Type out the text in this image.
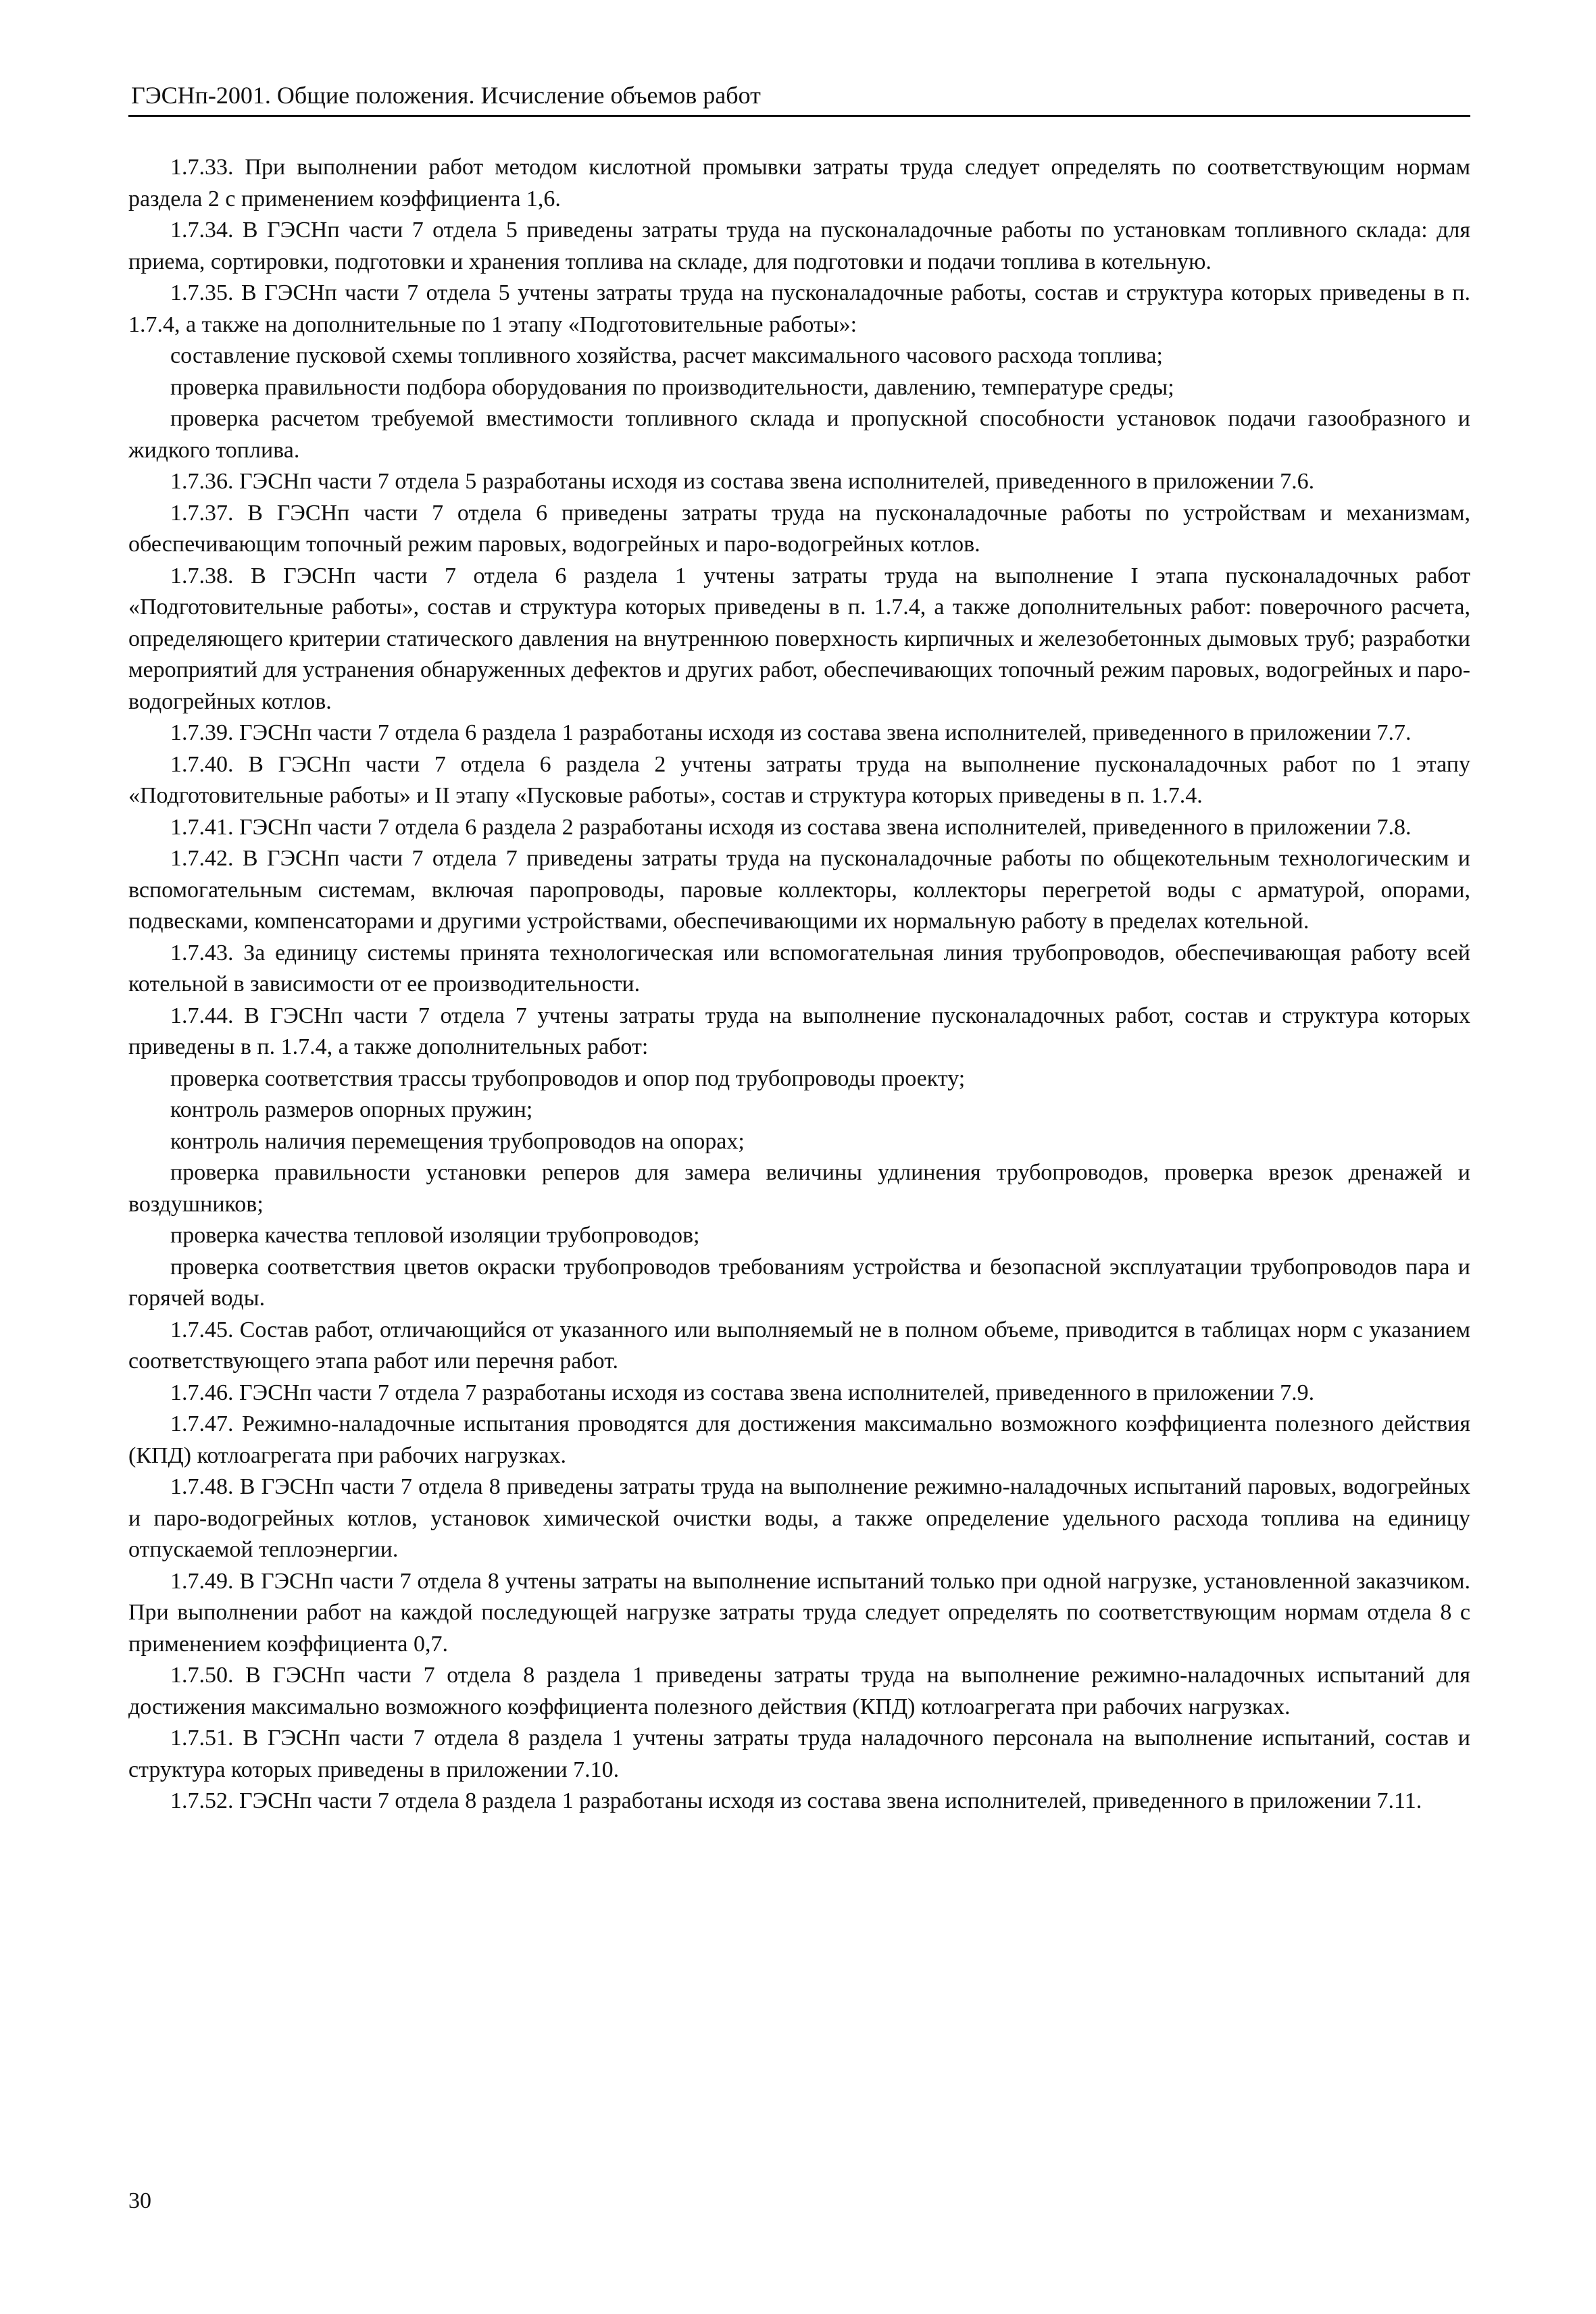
ГЭСНп-2001. Общие положения. Исчисление объемов работ

1.7.33. При выполнении работ методом кислотной промывки затраты труда следует определять по соответствующим нормам раздела 2 с применением коэффициента 1,6.

1.7.34. В ГЭСНп части 7 отдела 5 приведены затраты труда на пусконаладочные работы по установкам топливного склада: для приема, сортировки, подготовки и хранения топлива на складе, для подготовки и подачи топлива в котельную.

1.7.35. В ГЭСНп части 7 отдела 5 учтены затраты труда на пусконаладочные работы, состав и структура которых приведены в п. 1.7.4, а также на дополнительные по 1 этапу «Подготовительные работы»:

составление пусковой схемы топливного хозяйства, расчет максимального часового расхода топлива;

проверка правильности подбора оборудования по производительности, давлению, температуре среды;

проверка расчетом требуемой вместимости топливного склада и пропускной способности установок подачи газообразного и жидкого топлива.

1.7.36. ГЭСНп части 7 отдела 5 разработаны исходя из состава звена исполнителей, приведенного в приложении 7.6.

1.7.37. В ГЭСНп части 7 отдела 6 приведены затраты труда на пусконаладочные работы по устройствам и механизмам, обеспечивающим топочный режим паровых, водогрейных и паро-водогрейных котлов.

1.7.38. В ГЭСНп части 7 отдела 6 раздела 1 учтены затраты труда на выполнение I этапа пусконаладочных работ «Подготовительные работы», состав и структура которых приведены в п. 1.7.4, а также дополнительных работ: поверочного расчета, определяющего критерии статического давления на внутреннюю поверхность кирпичных и железобетонных дымовых труб; разработки мероприятий для устранения обнаруженных дефектов и других работ, обеспечивающих топочный режим паровых, водогрейных и паро-водогрейных котлов.

1.7.39. ГЭСНп части 7 отдела 6 раздела 1 разработаны исходя из состава звена исполнителей, приведенного в приложении 7.7.

1.7.40. В ГЭСНп части 7 отдела 6 раздела 2 учтены затраты труда на выполнение пусконаладочных работ по 1 этапу «Подготовительные работы» и II этапу «Пусковые работы», состав и структура которых приведены в п. 1.7.4.

1.7.41. ГЭСНп части 7 отдела 6 раздела 2 разработаны исходя из состава звена исполнителей, приведенного в приложении 7.8.

1.7.42. В ГЭСНп части 7 отдела 7 приведены затраты труда на пусконаладочные работы по общекотельным технологическим и вспомогательным системам, включая паропроводы, паровые коллекторы, коллекторы перегретой воды с арматурой, опорами, подвесками, компенсаторами и другими устройствами, обеспечивающими их нормальную работу в пределах котельной.

1.7.43. За единицу системы принята технологическая или вспомогательная линия трубопроводов, обеспечивающая работу всей котельной в зависимости от ее производительности.

1.7.44. В ГЭСНп части 7 отдела 7 учтены затраты труда на выполнение пусконаладочных работ, состав и структура которых приведены в п. 1.7.4, а также дополнительных работ:

проверка соответствия трассы трубопроводов и опор под трубопроводы проекту;

контроль размеров опорных пружин;

контроль наличия перемещения трубопроводов на опорах;

проверка правильности установки реперов для замера величины удлинения трубопроводов, проверка врезок дренажей и воздушников;

проверка качества тепловой изоляции трубопроводов;

проверка соответствия цветов окраски трубопроводов требованиям устройства и безопасной эксплуатации трубопроводов пара и горячей воды.

1.7.45. Состав работ, отличающийся от указанного или выполняемый не в полном объеме, приводится в таблицах норм с указанием соответствующего этапа работ или перечня работ.

1.7.46. ГЭСНп части 7 отдела 7 разработаны исходя из состава звена исполнителей, приведенного в приложении 7.9.

1.7.47. Режимно-наладочные испытания проводятся для достижения максимально возможного коэффициента полезного действия (КПД) котлоагрегата при рабочих нагрузках.

1.7.48. В ГЭСНп части 7 отдела 8 приведены затраты труда на выполнение режимно-наладочных испытаний паровых, водогрейных и паро-водогрейных котлов, установок химической очистки воды, а также определение удельного расхода топлива на единицу отпускаемой теплоэнергии.

1.7.49. В ГЭСНп части 7 отдела 8 учтены затраты на выполнение испытаний только при одной нагрузке, установленной заказчиком. При выполнении работ на каждой последующей нагрузке затраты труда следует определять по соответствующим нормам отдела 8 с применением коэффициента 0,7.

1.7.50. В ГЭСНп части 7 отдела 8 раздела 1 приведены затраты труда на выполнение режимно-наладочных испытаний для достижения максимально возможного коэффициента полезного действия (КПД) котлоагрегата при рабочих нагрузках.

1.7.51. В ГЭСНп части 7 отдела 8 раздела 1 учтены затраты труда наладочного персонала на выполнение испытаний, состав и структура которых приведены в приложении 7.10.

1.7.52. ГЭСНп части 7 отдела 8 раздела 1 разработаны исходя из состава звена исполнителей, приведенного в приложении 7.11.

30
